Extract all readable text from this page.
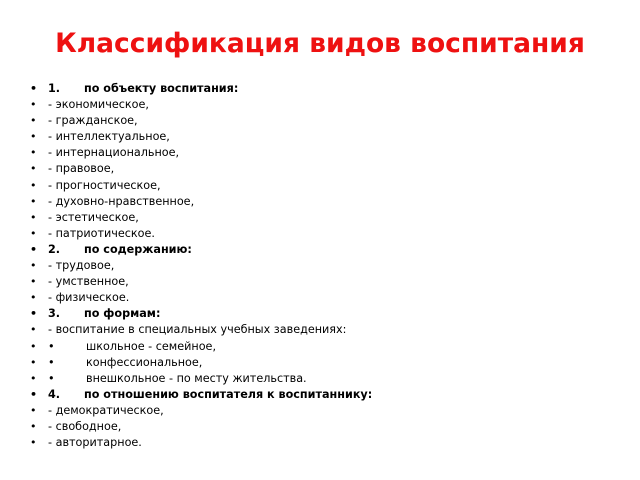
Классификация видов воспитания
• 1. по объекту воспитания:
• - экономическое,
• - гражданское,
• - интеллектуальное,
• - интернациональное,
• - правовое,
• - прогностическое,
• - духовно-нравственное,
• - эстетическое,
• - патриотическое.
• 2. по содержанию:
• - трудовое,
• - умственное,
• - физическое.
• 3. по формам:
• - воспитание в специальных учебных заведениях:
• •	школьное - семейное,
• •	конфессиональное,
• •	внешкольное - по месту жительства.
• 4. по отношению воспитателя к воспитаннику:
• - демократическое,
• - свободное,
• - авторитарное.
